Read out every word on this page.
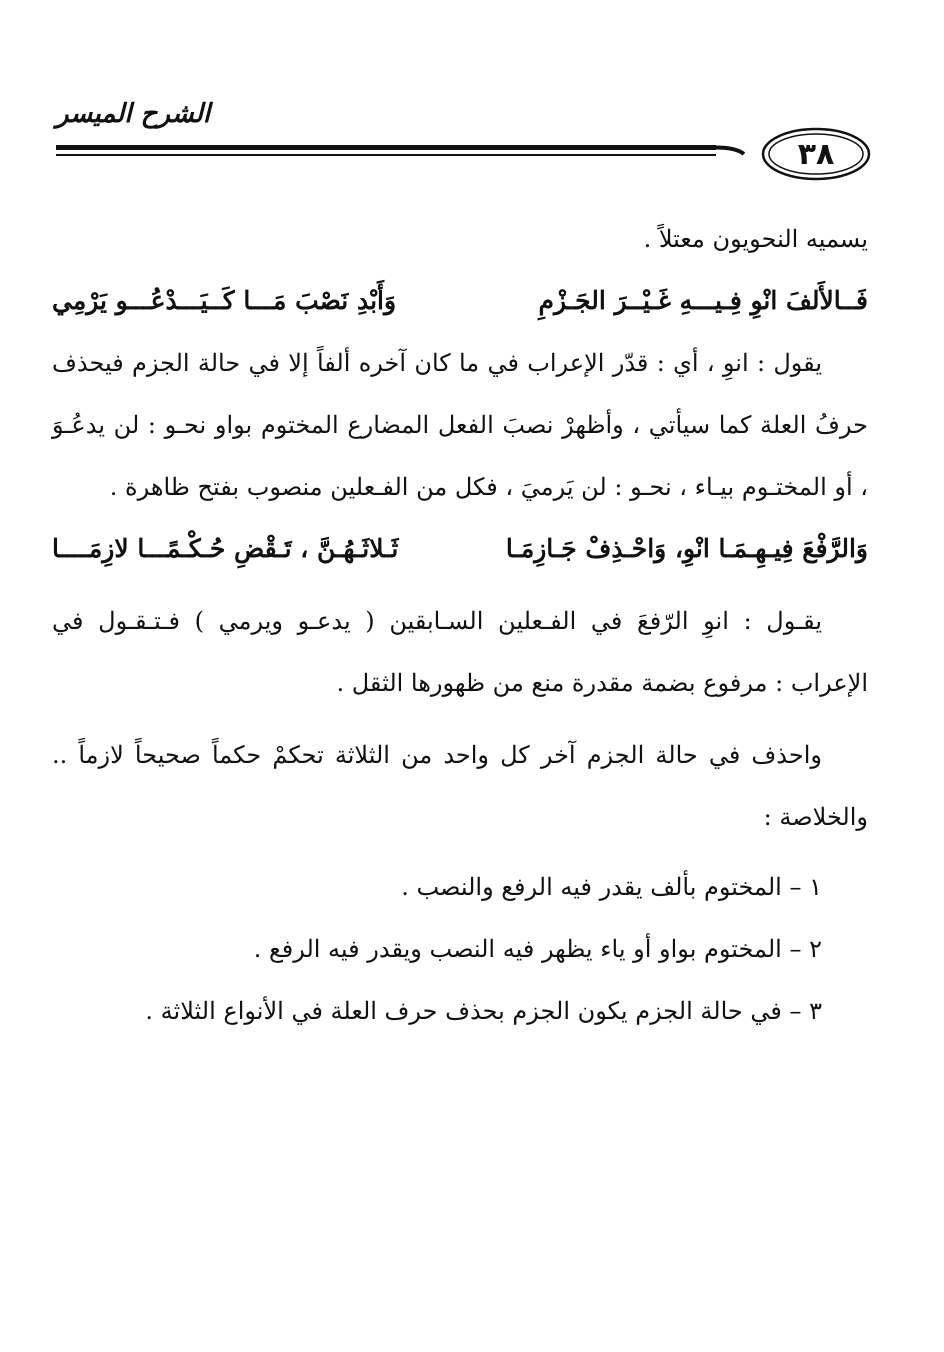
الشرح الميسر
٣٨

يسميه النحويون معتلاً .

فَــالأَلفَ انْوِ فِـيـــهِ غَـيْــرَ الجَـزْمِ
وَأَبْدِ نَصْبَ مَـــا كَــيَـــدْعُـــو يَرْمِي

يقول : انوِ ، أي : قدّر الإعراب في ما كان آخره ألفاً إلا في حالة الجزم فيحذف حرفُ العلة كما سيأتي ، وأظهرْ نصبَ الفعل المضارع المختوم بواو نحـو : لن يدعُـوَ ، أو المختـوم بيـاء ، نحـو : لن يَرميَ ، فكل من الفـعلين منصوب بفتح ظاهرة .

وَالرَّفْعَ فِيـهِـمَـا انْوِ، وَاحْـذِفْ جَـازِمَـا
ثَـلاثَـهُـنَّ ، تَـقْضِ حُـكْـمًـــا لازِمَــــا

يقـول : انوِ الرّفعَ في الفـعلين السـابقين ( يدعـو ويرمي ) فـتـقـول في الإعراب : مرفوع بضمة مقدرة منع من ظهورها الثقل .

واحذف في حالة الجزم آخر كل واحد من الثلاثة تحكمْ حكماً صحيحاً لازماً .. والخلاصة :

١ – المختوم بألف يقدر فيه الرفع والنصب .

٢ – المختوم بواو أو ياء يظهر فيه النصب ويقدر فيه الرفع .

٣ – في حالة الجزم يكون الجزم بحذف حرف العلة في الأنواع الثلاثة .
